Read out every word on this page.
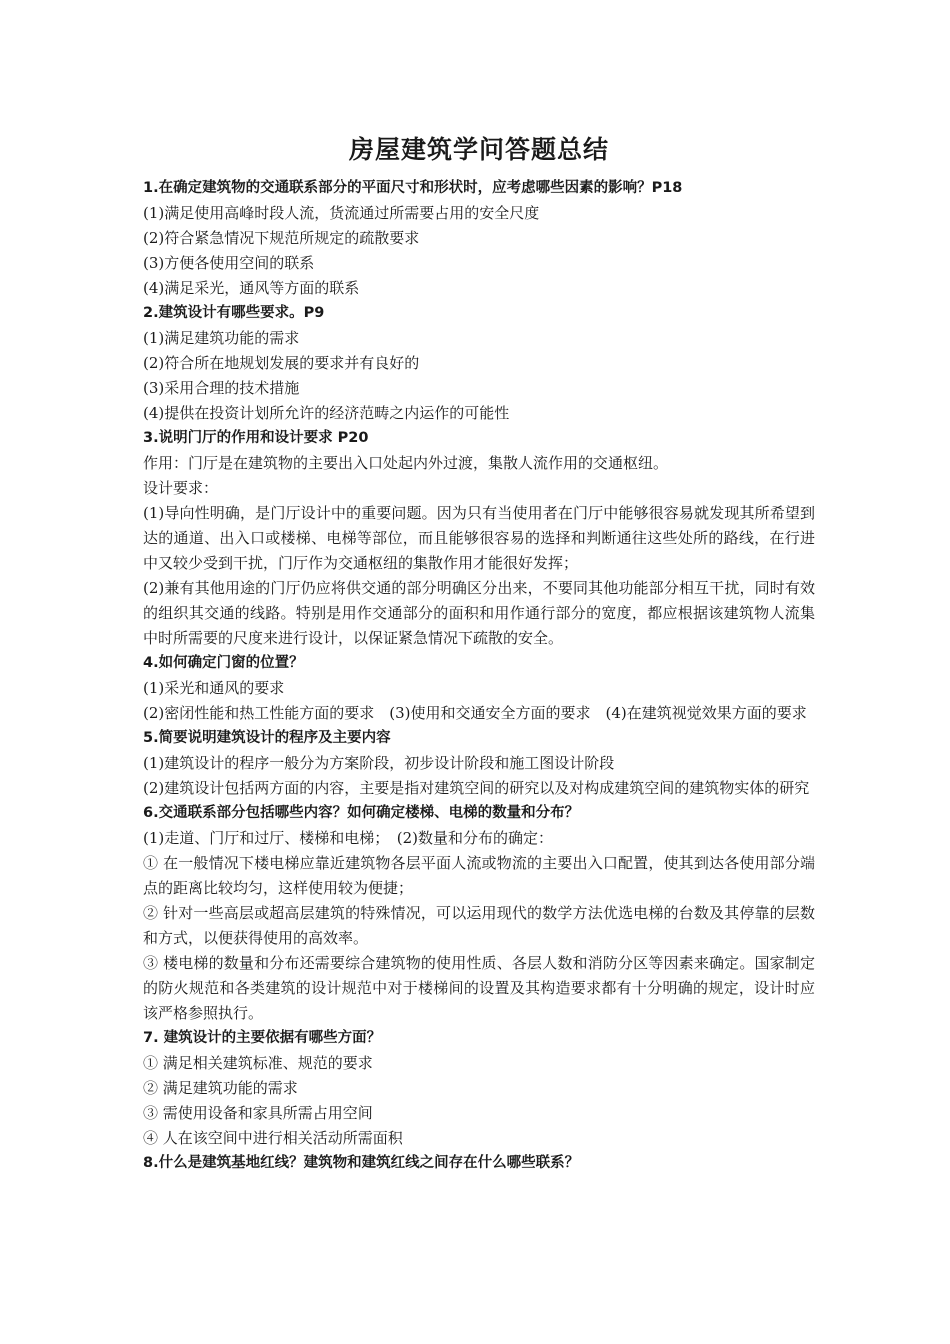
房屋建筑学问答题总结

1.在确定建筑物的交通联系部分的平面尺寸和形状时，应考虑哪些因素的影响？P18

(1)满足使用高峰时段人流，货流通过所需要占用的安全尺度

(2)符合紧急情况下规范所规定的疏散要求

(3)方便各使用空间的联系

(4)满足采光，通风等方面的联系

2.建筑设计有哪些要求。P9

(1)满足建筑功能的需求

(2)符合所在地规划发展的要求并有良好的

(3)采用合理的技术措施

(4)提供在投资计划所允许的经济范畴之内运作的可能性

3.说明门厅的作用和设计要求 P20

作用：门厅是在建筑物的主要出入口处起内外过渡，集散人流作用的交通枢纽。

设计要求：

(1)导向性明确，是门厅设计中的重要问题。因为只有当使用者在门厅中能够很容易就发现其所希望到达的通道、出入口或楼梯、电梯等部位，而且能够很容易的选择和判断通往这些处所的路线，在行进中又较少受到干扰，门厅作为交通枢纽的集散作用才能很好发挥；

(2)兼有其他用途的门厅仍应将供交通的部分明确区分出来，不要同其他功能部分相互干扰，同时有效的组织其交通的线路。特别是用作交通部分的面积和用作通行部分的宽度，都应根据该建筑物人流集中时所需要的尺度来进行设计，以保证紧急情况下疏散的安全。

4.如何确定门窗的位置？

(1)采光和通风的要求

(2)密闭性能和热工性能方面的要求　(3)使用和交通安全方面的要求　(4)在建筑视觉效果方面的要求

5.简要说明建筑设计的程序及主要内容

(1)建筑设计的程序一般分为方案阶段，初步设计阶段和施工图设计阶段

(2)建筑设计包括两方面的内容，主要是指对建筑空间的研究以及对构成建筑空间的建筑物实体的研究

6.交通联系部分包括哪些内容？如何确定楼梯、电梯的数量和分布？

(1)走道、门厅和过厅、楼梯和电梯；　(2)数量和分布的确定：

① 在一般情况下楼电梯应靠近建筑物各层平面人流或物流的主要出入口配置，使其到达各使用部分端点的距离比较均匀，这样使用较为便捷；

② 针对一些高层或超高层建筑的特殊情况，可以运用现代的数学方法优选电梯的台数及其停靠的层数和方式，以便获得使用的高效率。

③ 楼电梯的数量和分布还需要综合建筑物的使用性质、各层人数和消防分区等因素来确定。国家制定的防火规范和各类建筑的设计规范中对于楼梯间的设置及其构造要求都有十分明确的规定，设计时应该严格参照执行。

7. 建筑设计的主要依据有哪些方面？

① 满足相关建筑标准、规范的要求

② 满足建筑功能的需求

③ 需使用设备和家具所需占用空间

④ 人在该空间中进行相关活动所需面积

8.什么是建筑基地红线？建筑物和建筑红线之间存在什么哪些联系？
